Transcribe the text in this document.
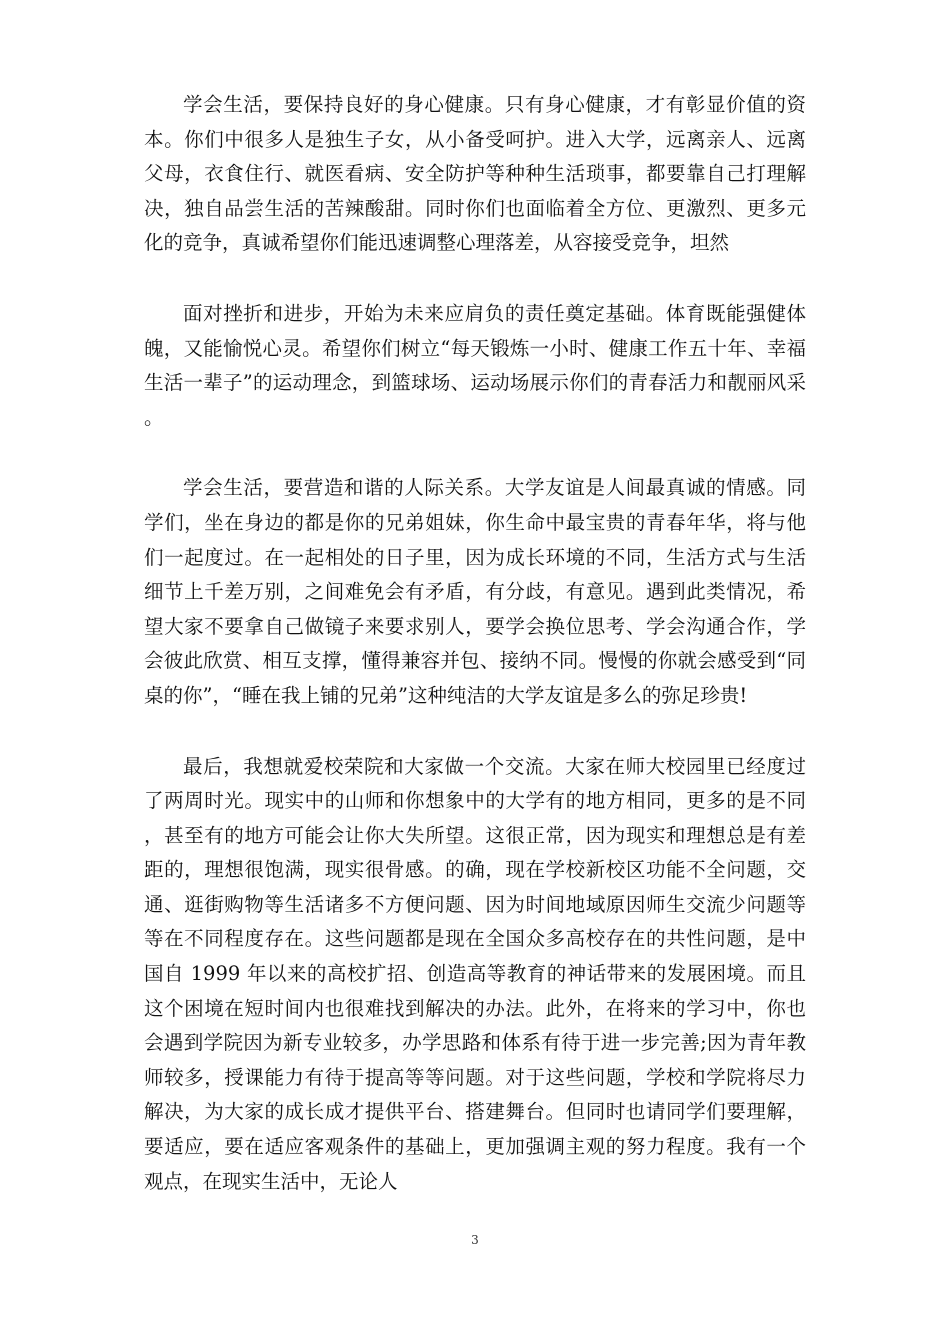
学会生活，要保持良好的身心健康。只有身心健康，才有彰显价值的资本。你们中很多人是独生子女，从小备受呵护。进入大学，远离亲人、远离父母，衣食住行、就医看病、安全防护等种种生活琐事，都要靠自己打理解决，独自品尝生活的苦辣酸甜。同时你们也面临着全方位、更激烈、更多元化的竞争，真诚希望你们能迅速调整心理落差，从容接受竞争，坦然

面对挫折和进步，开始为未来应肩负的责任奠定基础。体育既能强健体魄，又能愉悦心灵。希望你们树立“每天锻炼一小时、健康工作五十年、幸福生活一辈子”的运动理念，到篮球场、运动场展示你们的青春活力和靓丽风采。

学会生活，要营造和谐的人际关系。大学友谊是人间最真诚的情感。同学们，坐在身边的都是你的兄弟姐妹，你生命中最宝贵的青春年华，将与他们一起度过。在一起相处的日子里，因为成长环境的不同，生活方式与生活细节上千差万别，之间难免会有矛盾，有分歧，有意见。遇到此类情况，希望大家不要拿自己做镜子来要求别人，要学会换位思考、学会沟通合作，学会彼此欣赏、相互支撑，懂得兼容并包、接纳不同。慢慢的你就会感受到“同桌的你”，“睡在我上铺的兄弟”这种纯洁的大学友谊是多么的弥足珍贵!

最后，我想就爱校荣院和大家做一个交流。大家在师大校园里已经度过了两周时光。现实中的山师和你想象中的大学有的地方相同，更多的是不同，甚至有的地方可能会让你大失所望。这很正常，因为现实和理想总是有差距的，理想很饱满，现实很骨感。的确，现在学校新校区功能不全问题，交通、逛街购物等生活诸多不方便问题、因为时间地域原因师生交流少问题等等在不同程度存在。这些问题都是现在全国众多高校存在的共性问题，是中国自 1999 年以来的高校扩招、创造高等教育的神话带来的发展困境。而且这个困境在短时间内也很难找到解决的办法。此外，在将来的学习中，你也会遇到学院因为新专业较多，办学思路和体系有待于进一步完善;因为青年教师较多，授课能力有待于提高等等问题。对于这些问题，学校和学院将尽力解决，为大家的成长成才提供平台、搭建舞台。但同时也请同学们要理解，要适应，要在适应客观条件的基础上，更加强调主观的努力程度。我有一个观点，在现实生活中，无论人

3
